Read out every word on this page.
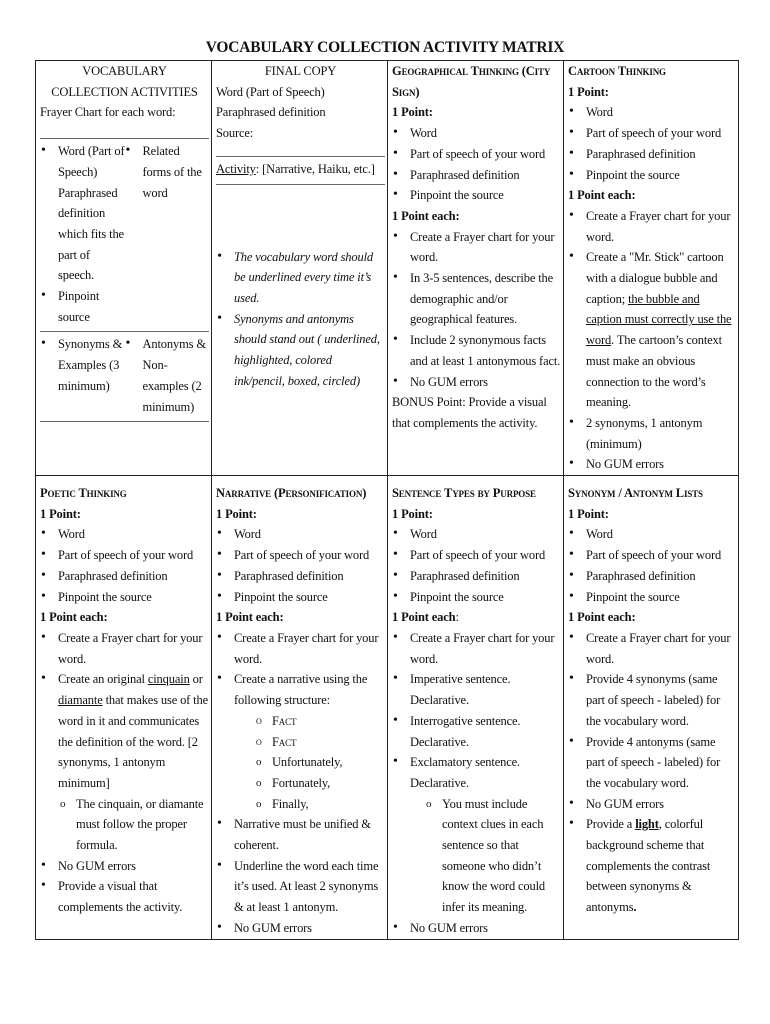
VOCABULARY COLLECTION ACTIVITY MATRIX
VOCABULARY COLLECTION ACTIVITIES
Frayer Chart for each word:
• Word (Part of Speech) Paraphrased definition which fits the part of speech.
• Pinpoint source

• Related forms of the word

• Synonyms & Examples (3 minimum)

• Antonyms & Non-examples (2 minimum)

FINAL COPY
Word (Part of Speech) Paraphrased definition
Source:
Activity: [Narrative, Haiku, etc.]
• The vocabulary word should be underlined every time it’s used.
• Synonyms and antonyms should stand out ( underlined, highlighted, colored ink/pencil, boxed, circled)

Geographical Thinking (City Sign)
1 Point:
• Word
• Part of speech of your word
• Paraphrased definition
• Pinpoint the source
1 Point each:
• Create a Frayer chart for your word.
• In 3-5 sentences, describe the demographic and/or geographical features.
• Include 2 synonymous facts and at least 1 antonymous fact.
• No GUM errors
BONUS Point: Provide a visual that complements the activity.

Cartoon Thinking
1 Point:
• Word
• Part of speech of your word
• Paraphrased definition
• Pinpoint the source
1 Point each:
• Create a Frayer chart for your word.
• Create a "Mr. Stick" cartoon with a dialogue bubble and caption; the bubble and caption must correctly use the word. The cartoon’s context must make an obvious connection to the word’s meaning.
• 2 synonyms, 1 antonym (minimum)
• No GUM errors

Poetic Thinking
1 Point:
• Word
• Part of speech of your word
• Paraphrased definition
• Pinpoint the source
1 Point each:
• Create a Frayer chart for your word.
• Create an original cinquain or diamante that makes use of the word in it and communicates the definition of the word. [2 synonyms, 1 antonym minimum]
o The cinquain, or diamante must follow the proper formula.
• No GUM errors
• Provide a visual that complements the activity.

Narrative (Personification)
1 Point:
• Word
• Part of speech of your word
• Paraphrased definition
• Pinpoint the source
1 Point each:
• Create a Frayer chart for your word.
• Create a narrative using the following structure:
o Fact
o Fact
o Unfortunately,
o Fortunately,
o Finally,
• Narrative must be unified & coherent.
• Underline the word each time it’s used. At least 2 synonyms & at least 1 antonym.
• No GUM errors

Sentence Types by Purpose
1 Point:
• Word
• Part of speech of your word
• Paraphrased definition
• Pinpoint the source
1 Point each:
• Create a Frayer chart for your word.
• Imperative sentence. Declarative.
• Interrogative sentence. Declarative.
• Exclamatory sentence. Declarative.
o You must include context clues in each sentence so that someone who didn’t know the word could infer its meaning.
• No GUM errors

Synonym / Antonym Lists
1 Point:
• Word
• Part of speech of your word
• Paraphrased definition
• Pinpoint the source
1 Point each:
• Create a Frayer chart for your word.
• Provide 4 synonyms (same part of speech - labeled) for the vocabulary word.
• Provide 4 antonyms (same part of speech - labeled) for the vocabulary word.
• No GUM errors
• Provide a light, colorful background scheme that complements the contrast between synonyms & antonyms.
